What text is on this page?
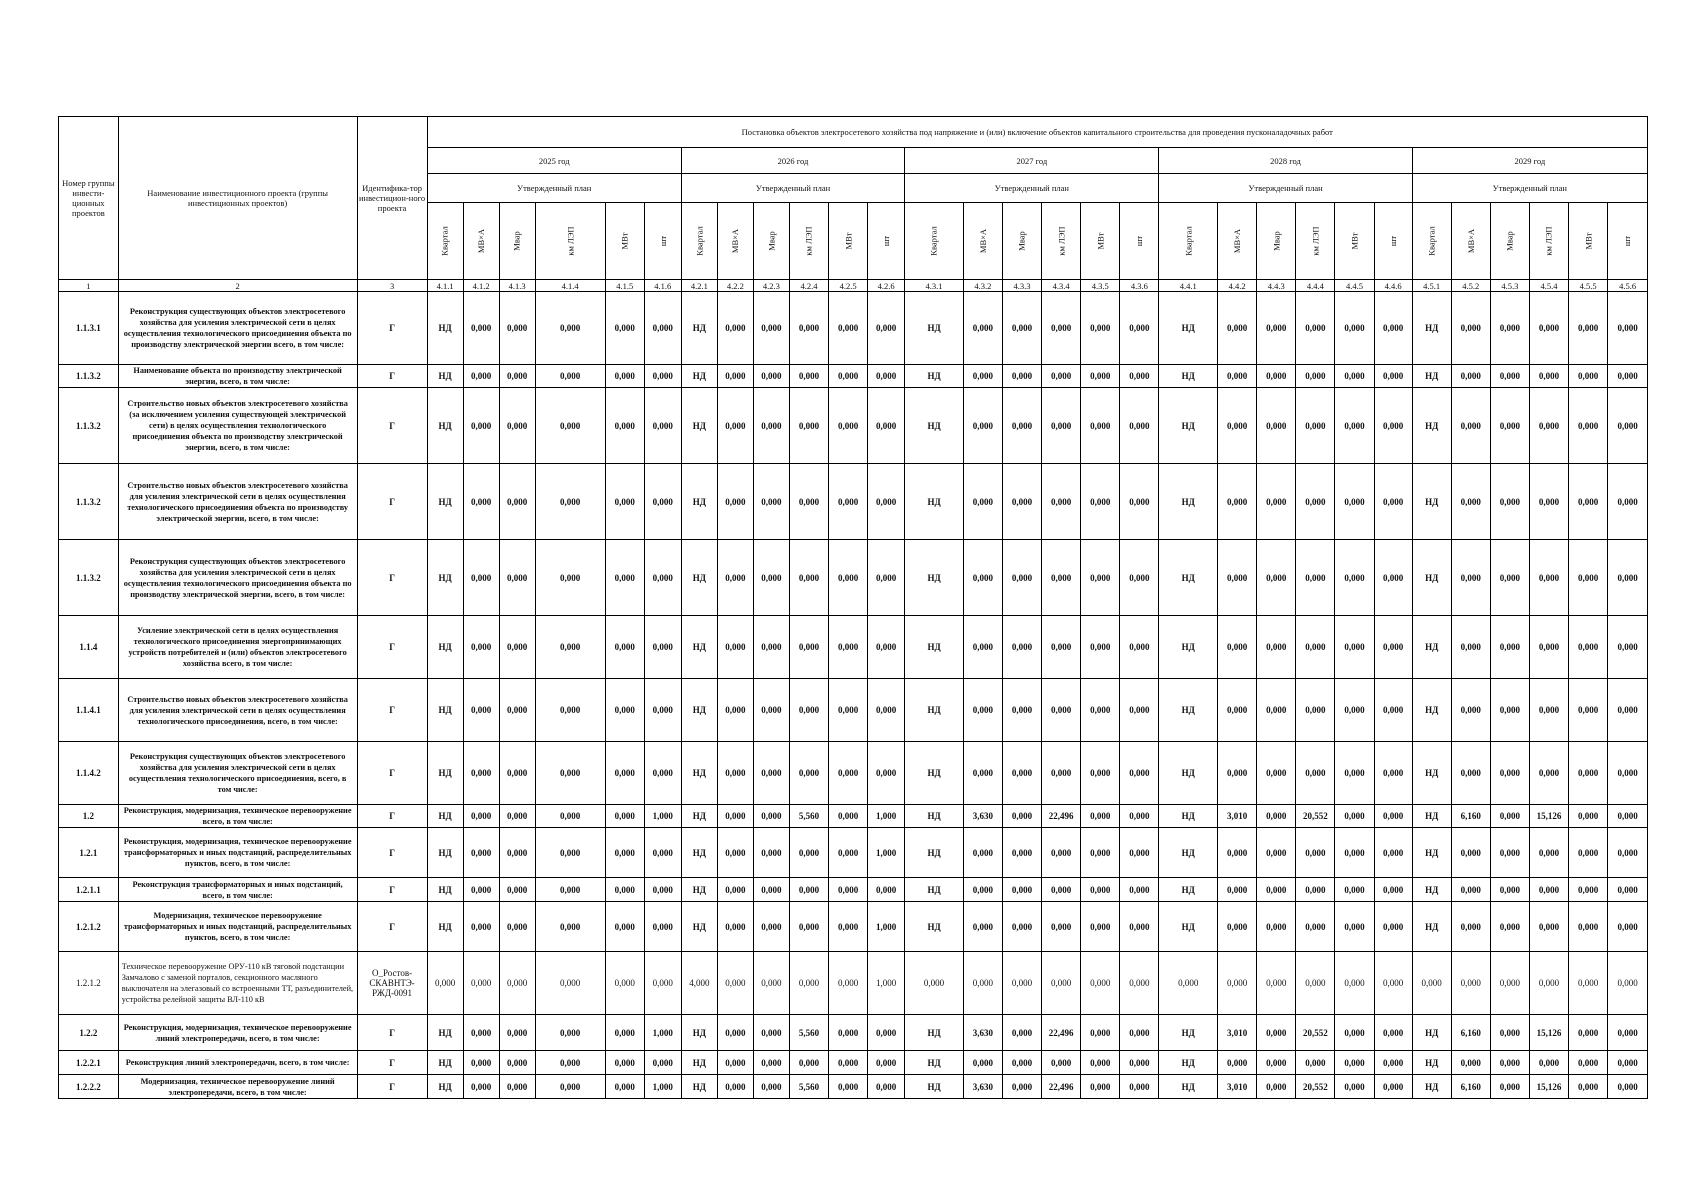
Номер группы инвести-ционных проектов	Наименование инвестиционного проекта (группы инвестиционных проектов)	Идентифика-тор инвестицион-ного проекта	Постановка объектов электросетевого хозяйства под напряжение и (или) включение объектов капитального строительства для проведения пусконаладочных работ																													
			2025 год						2026 год						2027 год						2028 год						2029 год					
			Утвержденный план						Утвержденный план						Утвержденный план						Утвержденный план						Утвержденный план					
			Квартал	МВ×А	Мвар	км ЛЭП	МВт	шт	Квартал	МВ×А	Мвар	км ЛЭП	МВт	шт	Квартал	МВ×А	Мвар	км ЛЭП	МВт	шт	Квартал	МВ×А	Мвар	км ЛЭП	МВт	шт	Квартал	МВ×А	Мвар	км ЛЭП	МВт	шт
1	2	3	4.1.1	4.1.2	4.1.3	4.1.4	4.1.5	4.1.6	4.2.1	4.2.2	4.2.3	4.2.4	4.2.5	4.2.6	4.3.1	4.3.2	4.3.3	4.3.4	4.3.5	4.3.6	4.4.1	4.4.2	4.4.3	4.4.4	4.4.5	4.4.6	4.5.1	4.5.2	4.5.3	4.5.4	4.5.5	4.5.6
1.1.3.1	Реконструкция существующих объектов электросетевого хозяйства для усиления электрической сети в целях осуществления технологического присоединения объекта по производству электрической энергии всего, в том числе:	Г	НД	0,000	0,000	0,000	0,000	0,000	НД	0,000	0,000	0,000	0,000	0,000	НД	0,000	0,000	0,000	0,000	0,000	НД	0,000	0,000	0,000	0,000	0,000	НД	0,000	0,000	0,000	0,000	0,000
1.1.3.2	Наименование объекта по производству электрической энергии, всего, в том числе:	Г	НД	0,000	0,000	0,000	0,000	0,000	НД	0,000	0,000	0,000	0,000	0,000	НД	0,000	0,000	0,000	0,000	0,000	НД	0,000	0,000	0,000	0,000	0,000	НД	0,000	0,000	0,000	0,000	0,000
1.1.3.2	Строительство новых объектов электросетевого хозяйства (за исключением усиления существующей электрической сети) в целях осуществления технологического присоединения объекта по производству электрической энергии, всего, в том числе:	Г	НД	0,000	0,000	0,000	0,000	0,000	НД	0,000	0,000	0,000	0,000	0,000	НД	0,000	0,000	0,000	0,000	0,000	НД	0,000	0,000	0,000	0,000	0,000	НД	0,000	0,000	0,000	0,000	0,000
1.1.3.2	Строительство новых объектов электросетевого хозяйства для усиления электрической сети в целях осуществления технологического присоединения объекта по производству электрической энергии, всего, в том числе:	Г	НД	0,000	0,000	0,000	0,000	0,000	НД	0,000	0,000	0,000	0,000	0,000	НД	0,000	0,000	0,000	0,000	0,000	НД	0,000	0,000	0,000	0,000	0,000	НД	0,000	0,000	0,000	0,000	0,000
1.1.3.2	Реконструкция существующих объектов электросетевого хозяйства для усиления электрической сети в целях осуществления технологического присоединения объекта по производству электрической энергии, всего, в том числе:	Г	НД	0,000	0,000	0,000	0,000	0,000	НД	0,000	0,000	0,000	0,000	0,000	НД	0,000	0,000	0,000	0,000	0,000	НД	0,000	0,000	0,000	0,000	0,000	НД	0,000	0,000	0,000	0,000	0,000
1.1.4	Усиление электрической сети в целях осуществления технологического присоединения энергопринимающих устройств потребителей и (или) объектов электросетевого хозяйства всего, в том числе:	Г	НД	0,000	0,000	0,000	0,000	0,000	НД	0,000	0,000	0,000	0,000	0,000	НД	0,000	0,000	0,000	0,000	0,000	НД	0,000	0,000	0,000	0,000	0,000	НД	0,000	0,000	0,000	0,000	0,000
1.1.4.1	Строительство новых объектов электросетевого хозяйства для усиления электрической сети в целях осуществления технологического присоединения, всего, в том числе:	Г	НД	0,000	0,000	0,000	0,000	0,000	НД	0,000	0,000	0,000	0,000	0,000	НД	0,000	0,000	0,000	0,000	0,000	НД	0,000	0,000	0,000	0,000	0,000	НД	0,000	0,000	0,000	0,000	0,000
1.1.4.2	Реконструкция существующих объектов электросетевого хозяйства для усиления электрической сети в целях осуществления технологического присоединения, всего, в том числе:	Г	НД	0,000	0,000	0,000	0,000	0,000	НД	0,000	0,000	0,000	0,000	0,000	НД	0,000	0,000	0,000	0,000	0,000	НД	0,000	0,000	0,000	0,000	0,000	НД	0,000	0,000	0,000	0,000	0,000
1.2	Реконструкция, модернизация, техническое перевооружение всего, в том числе:	Г	НД	0,000	0,000	0,000	0,000	1,000	НД	0,000	0,000	5,560	0,000	1,000	НД	3,630	0,000	22,496	0,000	0,000	НД	3,010	0,000	20,552	0,000	0,000	НД	6,160	0,000	15,126	0,000	0,000
1.2.1	Реконструкция, модернизация, техническое перевооружение трансформаторных и иных подстанций, распределительных пунктов, всего, в том числе:	Г	НД	0,000	0,000	0,000	0,000	0,000	НД	0,000	0,000	0,000	0,000	1,000	НД	0,000	0,000	0,000	0,000	0,000	НД	0,000	0,000	0,000	0,000	0,000	НД	0,000	0,000	0,000	0,000	0,000
1.2.1.1	Реконструкция трансформаторных и иных подстанций, всего, в том числе:	Г	НД	0,000	0,000	0,000	0,000	0,000	НД	0,000	0,000	0,000	0,000	0,000	НД	0,000	0,000	0,000	0,000	0,000	НД	0,000	0,000	0,000	0,000	0,000	НД	0,000	0,000	0,000	0,000	0,000
1.2.1.2	Модернизация, техническое перевооружение трансформаторных и иных подстанций, распределительных пунктов, всего, в том числе:	Г	НД	0,000	0,000	0,000	0,000	0,000	НД	0,000	0,000	0,000	0,000	1,000	НД	0,000	0,000	0,000	0,000	0,000	НД	0,000	0,000	0,000	0,000	0,000	НД	0,000	0,000	0,000	0,000	0,000
1.2.1.2	Техническое перевооружение ОРУ-110 кВ тяговой подстанции Замчалово с заменой порталов, секционного масляного выключателя на элегазовый со встроенными ТТ, разъединителей, устройства релейной защиты ВЛ-110 кВ	О_Ростов-СКАВНТЭ-РЖД-0091	0,000	0,000	0,000	0,000	0,000	0,000	4,000	0,000	0,000	0,000	0,000	1,000	0,000	0,000	0,000	0,000	0,000	0,000	0,000	0,000	0,000	0,000	0,000	0,000	0,000	0,000	0,000	0,000	0,000	0,000
1.2.2	Реконструкция, модернизация, техническое перевооружение линий электропередачи, всего, в том числе:	Г	НД	0,000	0,000	0,000	0,000	1,000	НД	0,000	0,000	5,560	0,000	0,000	НД	3,630	0,000	22,496	0,000	0,000	НД	3,010	0,000	20,552	0,000	0,000	НД	6,160	0,000	15,126	0,000	0,000
1.2.2.1	Реконструкция линий электропередачи, всего, в том числе:	Г	НД	0,000	0,000	0,000	0,000	0,000	НД	0,000	0,000	0,000	0,000	0,000	НД	0,000	0,000	0,000	0,000	0,000	НД	0,000	0,000	0,000	0,000	0,000	НД	0,000	0,000	0,000	0,000	0,000
1.2.2.2	Модернизация, техническое перевооружение линий электропередачи, всего, в том числе:	Г	НД	0,000	0,000	0,000	0,000	1,000	НД	0,000	0,000	5,560	0,000	0,000	НД	3,630	0,000	22,496	0,000	0,000	НД	3,010	0,000	20,552	0,000	0,000	НД	6,160	0,000	15,126	0,000	0,000
